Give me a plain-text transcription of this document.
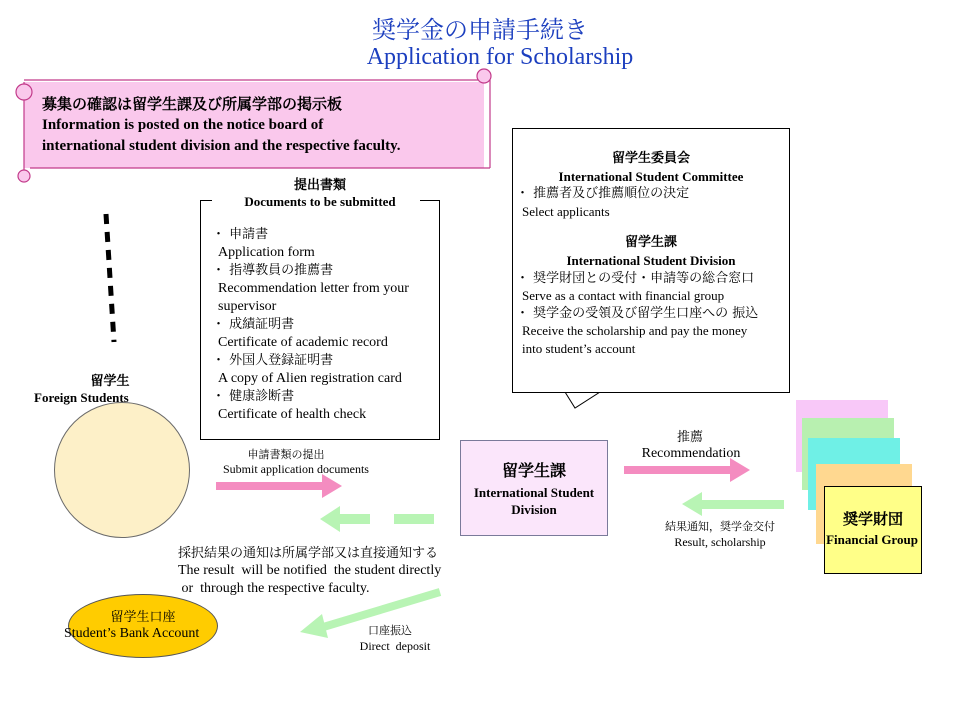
奨学金の申請手続き
Application for Scholarship
募集の確認は留学生課及び所属学部の掲示板
Information is posted on the notice board of
international student division and the respective faculty.
提出書類
Documents to be submitted
・ 申請書
Application form
・ 指導教員の推薦書
Recommendation letter from your supervisor
・ 成績証明書
Certificate of academic record
・ 外国人登録証明書
A copy of Alien registration card
・ 健康診断書
Certificate of health check
留学生委員会
International Student Committee
・ 推薦者及び推薦順位の決定
Select applicants
留学生課
International Student Division
・ 奨学財団との受付・申請等の総合窓口
Serve as a contact with financial group
・ 奨学金の受領及び留学生口座への 振込
Receive the scholarship and pay the money into student’s account
留学生
Foreign Students
申請書類の提出
Submit application documents	留学生課
International Student Division
推薦
Recommendation
結果通知，奨学金交付
Result, scholarship
奨学財団
Financial Group
採択結果の通知は所属学部又は直接通知する
The result  will be notified  the student directly
or  through the respective faculty.
留学生口座
Student’s Bank Account	口座振込
Direct  deposit
